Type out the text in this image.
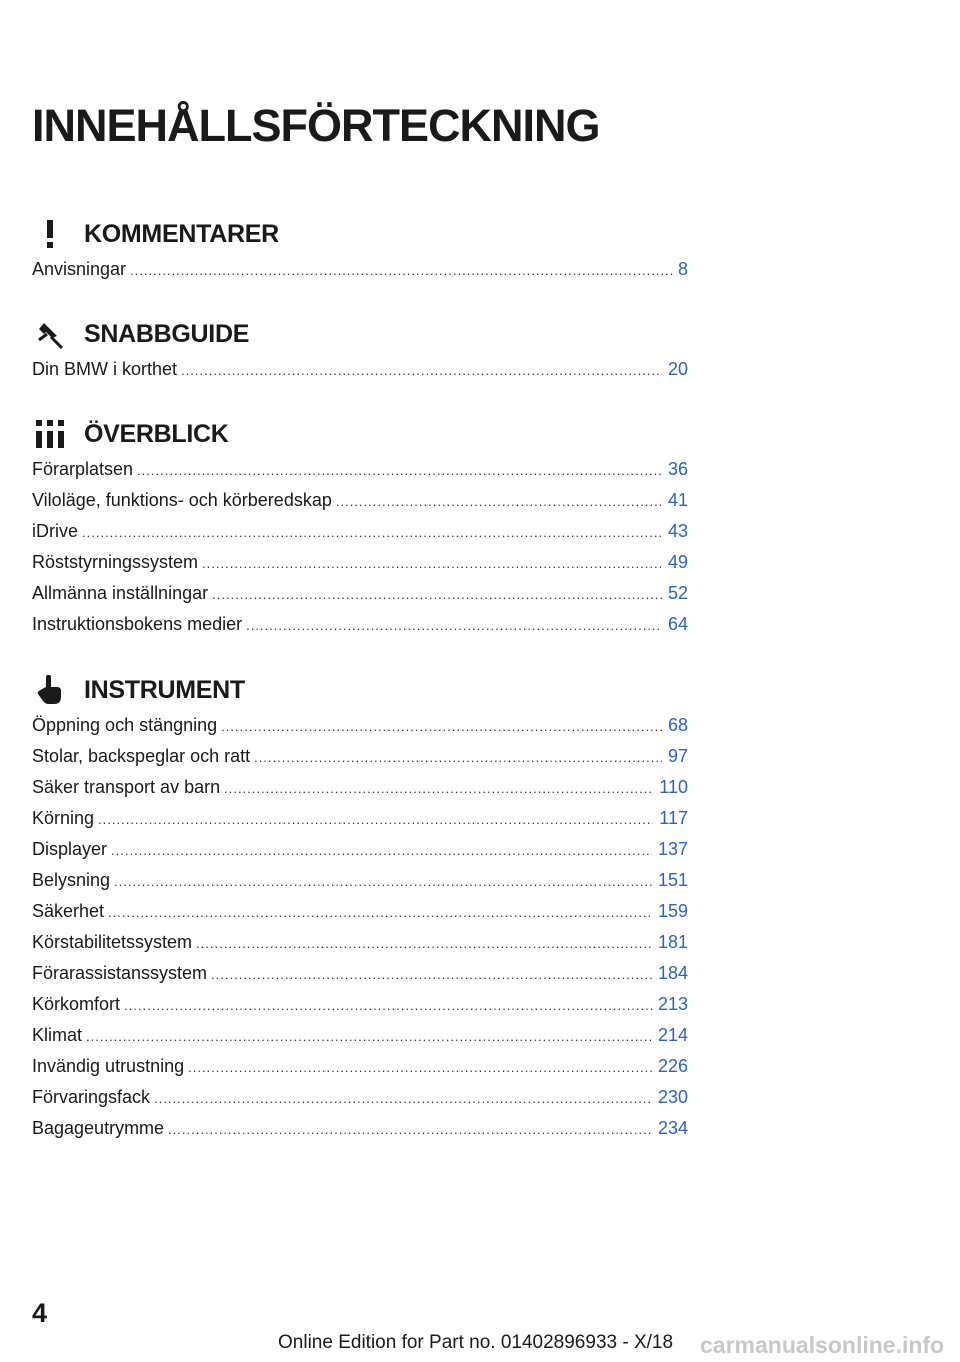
INNEHÅLLSFÖRTECKNING
KOMMENTARER
Anvisningar .....	8
SNABBGUIDE
Din BMW i korthet .....	20
ÖVERBLICK
Förarplatsen .....	36
Viloläge, funktions- och körberedskap .....	41
iDrive .....	43
Röststyrningssystem .....	49
Allmänna inställningar .....	52
Instruktionsbokens medier .....	64
INSTRUMENT
Öppning och stängning .....	68
Stolar, backspeglar och ratt .....	97
Säker transport av barn .....	110
Körning .....	117
Displayer .....	137
Belysning .....	151
Säkerhet .....	159
Körstabilitetssystem .....	181
Förarassistanssystem .....	184
Körkomfort .....	213
Klimat .....	214
Invändig utrustning .....	226
Förvaringsfack .....	230
Bagageutrymme .....	234
4
Online Edition for Part no. 01402896933 - X/18 carmanualsonline.info
